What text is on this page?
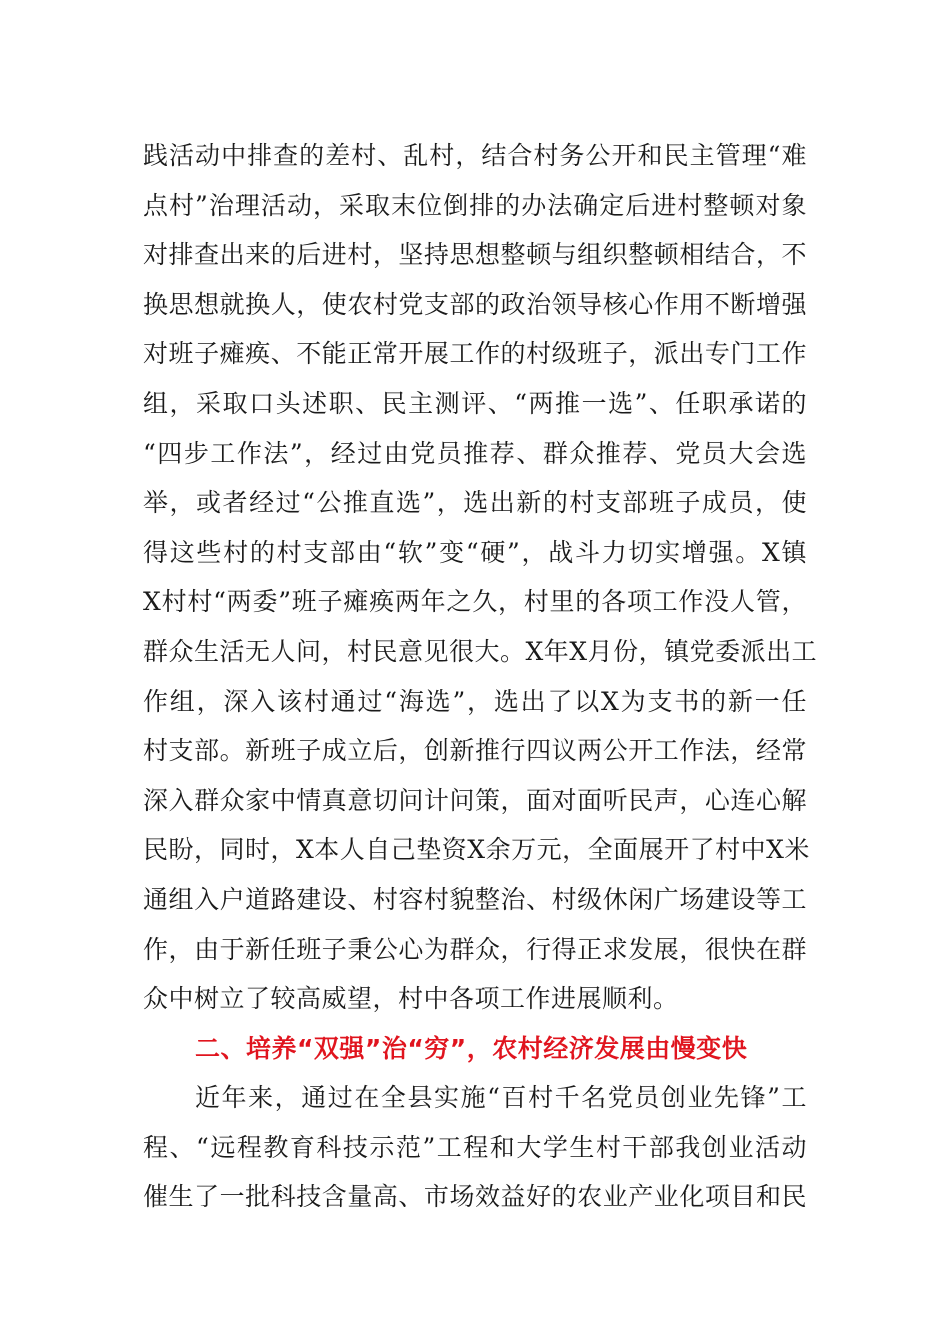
践活动中排查的差村、乱村，结合村务公开和民主管理“难
点村”治理活动，采取末位倒排的办法确定后进村整顿对象
对排查出来的后进村，坚持思想整顿与组织整顿相结合，不
换思想就换人，使农村党支部的政治领导核心作用不断增强
对班子瘫痪、不能正常开展工作的村级班子，派出专门工作
组，采取口头述职、民主测评、“两推一选”、任职承诺的
“四步工作法”，经过由党员推荐、群众推荐、党员大会选
举，或者经过“公推直选”，选出新的村支部班子成员，使
得这些村的村支部由“软”变“硬”，战斗力切实增强。X镇
X村村“两委”班子瘫痪两年之久，村里的各项工作没人管，
群众生活无人问，村民意见很大。X年X月份，镇党委派出工
作组，深入该村通过“海选”，选出了以X为支书的新一任
村支部。新班子成立后，创新推行四议两公开工作法，经常
深入群众家中情真意切问计问策，面对面听民声，心连心解
民盼，同时，X本人自己垫资X余万元，全面展开了村中X米
通组入户道路建设、村容村貌整治、村级休闲广场建设等工
作，由于新任班子秉公心为群众，行得正求发展，很快在群
众中树立了较高威望，村中各项工作进展顺利。
二、培养“双强”治“穷”，农村经济发展由慢变快
近年来，通过在全县实施“百村千名党员创业先锋”工
程、“远程教育科技示范”工程和大学生村干部我创业活动
催生了一批科技含量高、市场效益好的农业产业化项目和民
